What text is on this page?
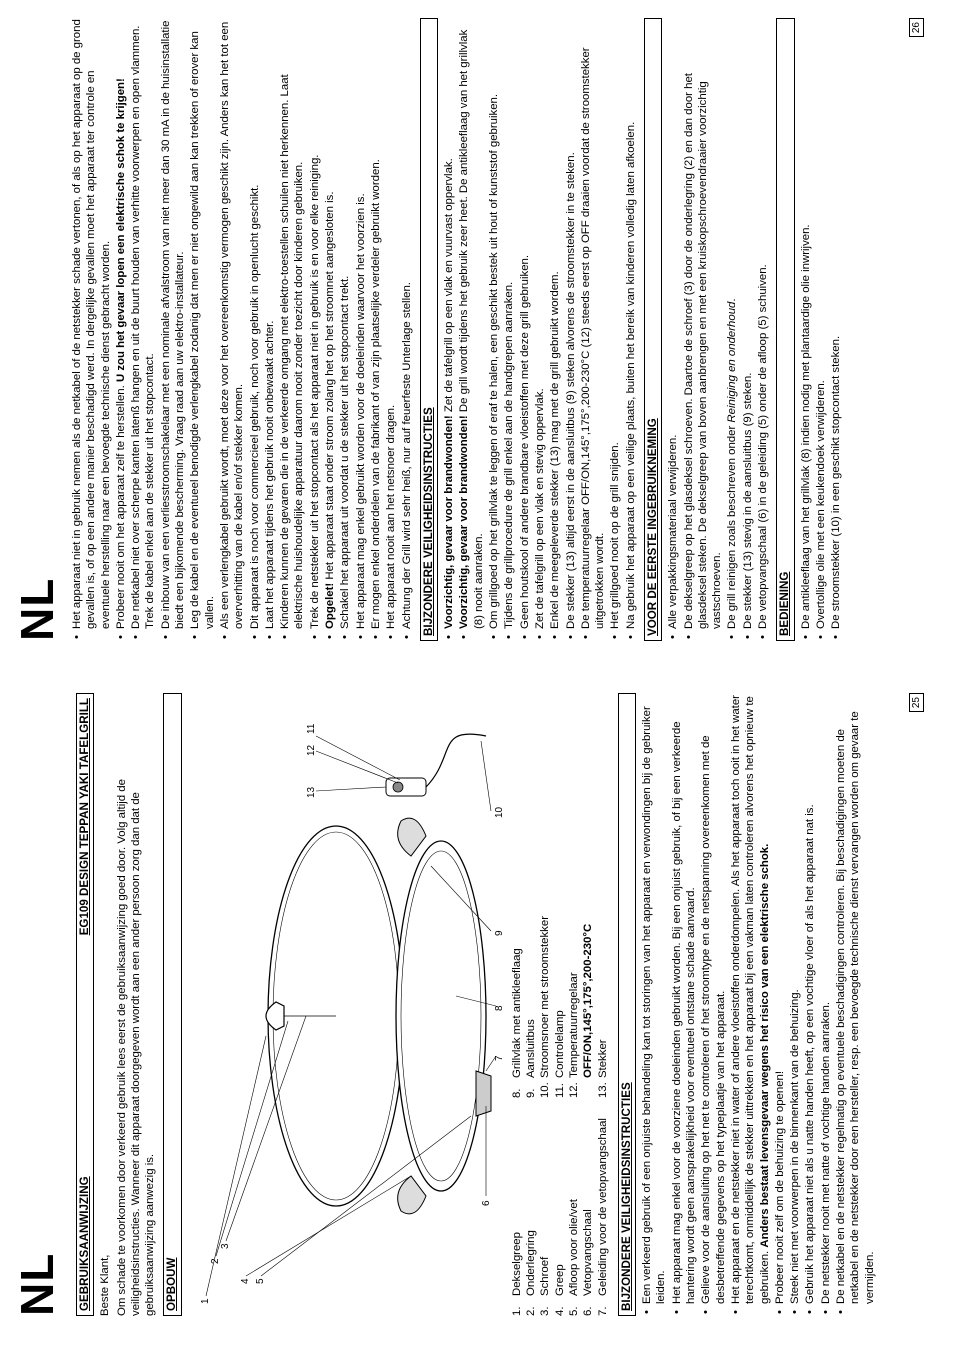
NL GEBRUIKSAANWIJZING
EG109 DESIGN TEPPAN YAKI TAFELGRILL

Beste Klant, Om schade te voorkomen door verkeerd gebruik lees eerst de gebruiksaanwijzing goed door. Volg altijd de veiligheidsinstructies. Wanneer dit apparaat doorgegeven wordt aan een ander persoon zorg dan dat de gebruiksaanwijzing aanwezig is. OPBOUW 1
2
3
4 5
6
7
8
9
10
11
12
13
1.
Dekselgreep
2.
Onderlegring
3.
Schroef
4.
Greep
5.
Afloop voor olie/vet
6.
Vetopvangschaal
7.
Geleiding voor de vetopvangschaal
8.
Grillvlak met antikleeflaag
9.
Aansluitbus
10.
Stroomsnoer met stroomstekker
11.
Controlelamp
12.
Temperatuurregelaar OFF/ON,145°,175°,200-230°C
13.
Stekker
BIJZONDERE VEILIGHEIDSINSTRUCTIES • Een verkeerd gebruik of een onjuiste behandeling kan tot storingen van het apparaat en verwondingen bij de gebruiker leiden. • Het apparaat mag enkel voor de voorziene doeleinden gebruikt worden. Bij een onjuist gebruik, of bij een verkeerde hantering wordt geen aansprakelijkheid voor eventueel ontstane schade aanvaard. • Gelieve voor de aansluiting op het net te controleren of het stroomtype en de netspanning overeenkomen met de desbetreffende gegevens op het typeplaatje van het apparaat. • Het apparaat en de netstekker niet in water of andere vloeistoffen onderdompelen. Als het apparaat toch ooit in het water terechtkomt, onmiddellijk de stekker uittrekken en het apparaat bij een vakman laten controleren alvorens het opnieuw te gebruiken. Anders bestaat levensgevaar wegens het risico van een elektrische schok. • Probeer nooit zelf om de behuizing te openen! • Steek niet met voorwerpen in de binnenkant van de behuizing. • Gebruik het apparaat niet als u natte handen heeft, op een vochtige vloer of als het apparaat nat is. • De netstekker nooit met natte of vochtige handen aanraken. • De netkabel en de netstekker regelmatig op eventuele beschadigingen controleren. Bij beschadigingen moeten de netkabel en de netstekker door een hersteller, resp. een bevoegde technische dienst vervangen worden om gevaar te vermijden.
25
NL • Het apparaat niet in gebruik nemen als de netkabel of de netstekker schade vertonen, of als op het apparaat op de grond gevallen is, of op een andere manier beschadigd werd. In dergelijke gevallen moet het apparaat ter controle en eventuele herstelling naar een bevoegde technische dienst gebracht worden. • Probeer nooit om het apparaat zelf te herstellen. U zou het gevaar lopen een elektrische schok te krijgen! • De netkabel niet over scherpe kanten latenß hangen en uit de buurt houden van verhitte voorwerpen en open vlammen. Trek de kabel enkel aan de stekker uit het stopcontact. • De inbouw van een verliesstroomschakelaar met een nominale afvalstroom van niet meer dan 30 mA in de huisinstallatie biedt een bijkomende bescherming. Vraag raad aan uw elektro-installateur. • Leg de kabel en de eventueel benodigde verlengkabel zodanig dat men er niet ongewild aan kan trekken of erover kan vallen. • Als een verlengkabel gebruikt wordt, moet deze voor het overeenkomstig vermogen geschikt zijn. Anders kan het tot een oververhitting van de kabel en/of stekker komen. • Dit apparaat is noch voor commercieel gebruik, noch voor gebruik in openlucht geschikt. • Laat het apparaat tijdens het gebruik nooit onbewaakt achter. • Kinderen kunnen de gevaren die in de verkeerde omgang met elektro-toestellen schuilen niet herkennen. Laat elektrische huishoudelijke apparatuur daarom nooit zonder toezicht door kinderen gebruiken. • Trek de netstekker uit het stopcontact als het apparaat niet in gebruik is en voor elke reiniging. • Opgelet! Het apparaat staat onder stroom zolang het op het stroomnet aangesloten is. • Schakel het apparaat uit voordat u de stekker uit het stopcontact trekt. • Het apparaat mag enkel gebruikt worden voor de doeleinden waarvoor het voorzien is. • Er mogen enkel onderdelen van de fabrikant of van zijn plaatselijke verdeler gebruikt worden. • Het apparaat nooit aan het netsnoer dragen. • Achtung der Grill wird sehr heiß, nur auf feuerfeste Unterlage stellen. BIJZONDERE VEILIGHEIDSINSTRUCTIES • Voorzichtig, gevaar voor brandwonden! Zet de tafelgrill op een vlak en vuurvast oppervlak.
• Voorzichtig, gevaar voor brandwonden! De grill wordt tijdens het gebruik zeer heet. De antikleeflaag van het grillvlak (8) nooit aanraken. • Om grillgoed op het grillvlak te leggen of eraf te halen, een geschikt bestek uit hout of kunststof gebruiken. • Tijdens de grillprocedure de grill enkel aan de handgrepen aanraken. • Geen houtskool of andere brandbare vloeistoffen met deze grill gebruiken. • Zet de tafelgrill op een vlak en stevig oppervlak. • Enkel de meegeleverde stekker (13) mag met de grill gebruikt wordem. • De stekker (13) altijd eerst in de aansluitbus (9) steken alvorens de stroomstekker in te steken. • De temperatuurregelaar OFF/ON,145°,175°,200-230°C (12) steeds eerst op OFF draaien voordat de stroomstekker uitgetrokken wordt. • Het grillgoed nooit op de grill snijden. • Na gebruik het apparaat op een veilige plaats, buiten het bereik van kinderen volledig laten afkoelen. VOOR DE EERSTE INGEBRUIKNEMING • Alle verpakkingsmateriaal verwijderen. • De dekselgreep op het glasdeksel schroeven. Daartoe de schroef (3) door de onderlegring (2) en dan door het glasdeksel steken. De dekselgreep van boven aanbrengen en met een kruiskopschroevendraaier voorzichtig vastschroeven. • De grill reinigen zoals beschreven onder Reiniging en onderhoud.
• De stekker (13) stevig in de aansluitbus (9) steken. • De vetopvangschaal (6) in de geleiding (5) onder de afloop (5) schuiven. BEDIENING • De antikleeflaag van het grillvlak (8) indien nodig met plantaardige olie inwrijven. • Overtollige olie met een keukendoek verwijderen. • De stroomstekker (10) in een geschikt stopcontact steken.
26
